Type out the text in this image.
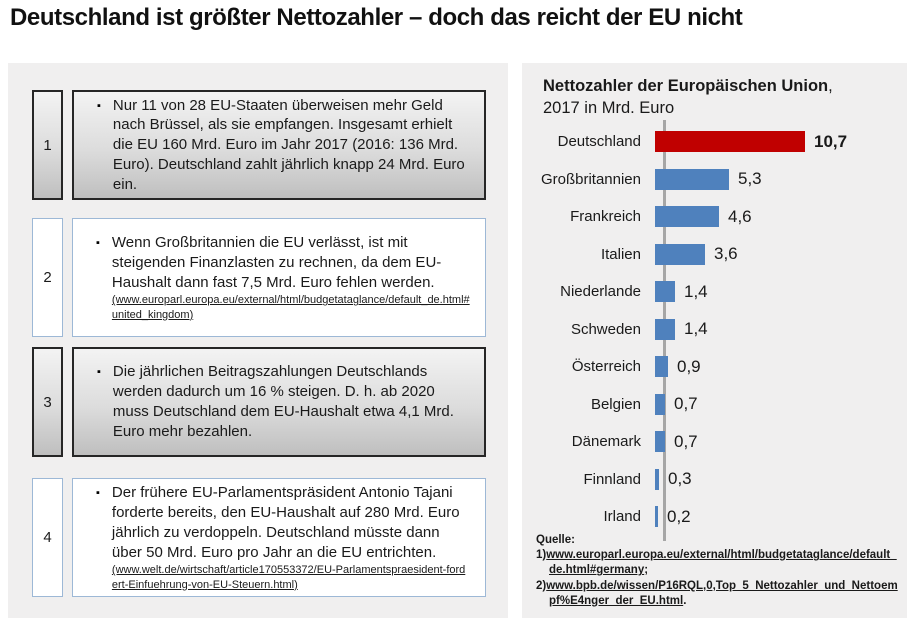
Deutschland ist größter Nettozahler – doch das reicht der EU nicht
1
▪ Nur 11 von 28 EU-Staaten überweisen mehr Geld nach Brüssel, als sie empfangen. Insgesamt erhielt die EU 160 Mrd. Euro im Jahr 2017 (2016: 136 Mrd. Euro). Deutschland zahlt jährlich knapp 24 Mrd. Euro ein.
2
▪ Wenn Großbritannien die EU verlässt, ist mit steigenden Finanzlasten zu rechnen, da dem EU-Haushalt dann fast 7,5 Mrd. Euro fehlen werden.
(www.europarl.europa.eu/external/html/budgetataglance/default_de.html#united_kingdom)
3
▪ Die jährlichen Beitragszahlungen Deutschlands werden dadurch um 16 % steigen. D. h. ab 2020 muss Deutschland dem EU-Haushalt etwa 4,1 Mrd. Euro mehr bezahlen.
4
▪ Der frühere EU-Parlamentspräsident Antonio Tajani forderte bereits, den EU-Haushalt auf 280 Mrd. Euro jährlich zu verdoppeln. Deutschland müsste dann über 50 Mrd. Euro pro Jahr an die EU entrichten.
(www.welt.de/wirtschaft/article170553372/EU-Parlamentspraesident-fordert-Einfuehrung-von-EU-Steuern.html)
Nettozahler der Europäischen Union,
2017 in Mrd. Euro
Deutschland	10,7
Großbritannien	5,3
Frankreich	4,6
Italien	3,6
Niederlande	1,4
Schweden	1,4
Österreich	0,9
Belgien	0,7
Dänemark	0,7
Finnland	0,3
Irland	0,2
Quelle:
1)www.europarl.europa.eu/external/html/budgetataglance/default_de.html#germany;
2)www.bpb.de/wissen/P16RQL,0,Top_5_Nettozahler_und_Nettoempf%E4nger_der_EU.html.
